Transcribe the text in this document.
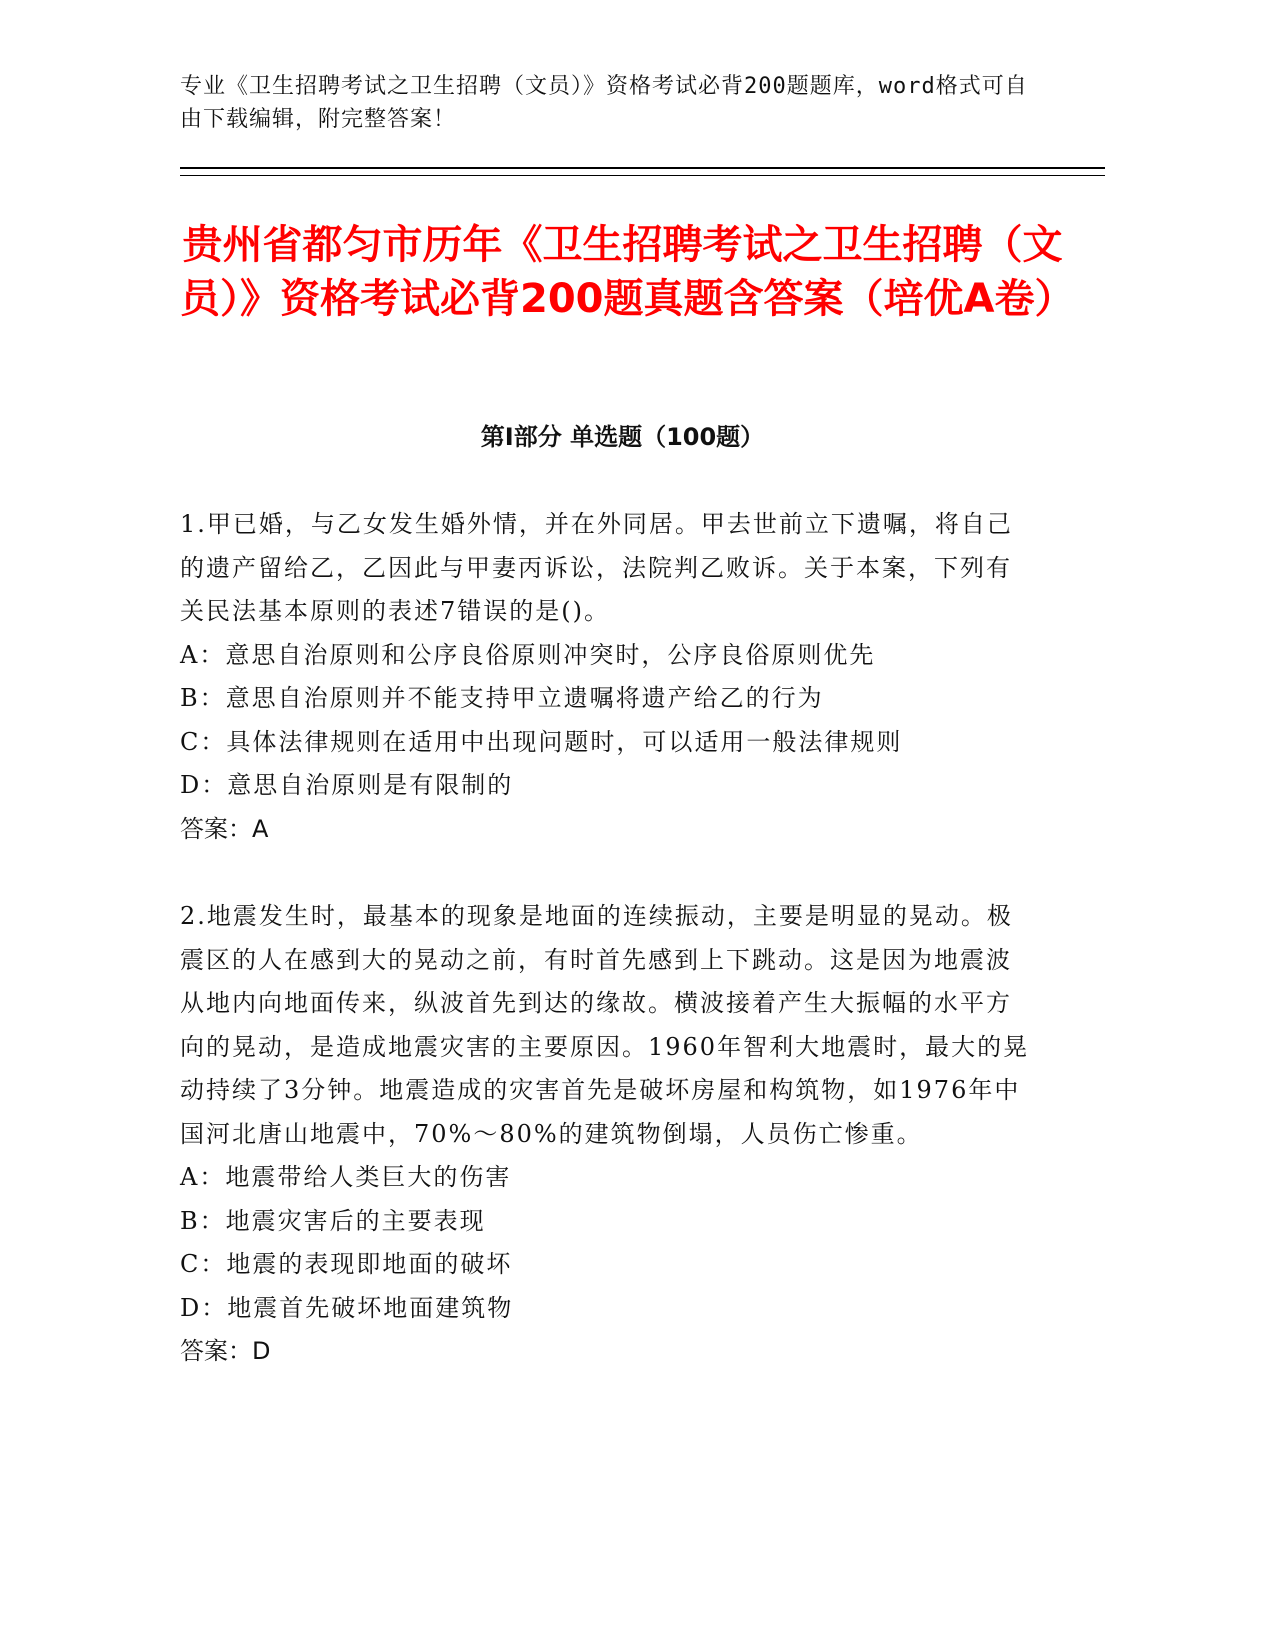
专业《卫生招聘考试之卫生招聘（文员）》资格考试必背200题题库，word格式可自由下载编辑，附完整答案！
贵州省都匀市历年《卫生招聘考试之卫生招聘（文员）》资格考试必背200题真题含答案（培优A卷）
第I部分 单选题（100题）
1.甲已婚，与乙女发生婚外情，并在外同居。甲去世前立下遗嘱，将自己的遗产留给乙，乙因此与甲妻丙诉讼，法院判乙败诉。关于本案，下列有关民法基本原则的表述7错误的是()。
A：意思自治原则和公序良俗原则冲突时，公序良俗原则优先
B：意思自治原则并不能支持甲立遗嘱将遗产给乙的行为
C：具体法律规则在适用中出现问题时，可以适用一般法律规则
D：意思自治原则是有限制的
答案：A
2.地震发生时，最基本的现象是地面的连续振动，主要是明显的晃动。极震区的人在感到大的晃动之前，有时首先感到上下跳动。这是因为地震波从地内向地面传来，纵波首先到达的缘故。横波接着产生大振幅的水平方向的晃动，是造成地震灾害的主要原因。1960年智利大地震时，最大的晃动持续了3分钟。地震造成的灾害首先是破坏房屋和构筑物，如1976年中国河北唐山地震中，70%～80%的建筑物倒塌，人员伤亡惨重。
A：地震带给人类巨大的伤害
B：地震灾害后的主要表现
C：地震的表现即地面的破坏
D：地震首先破坏地面建筑物
答案：D
